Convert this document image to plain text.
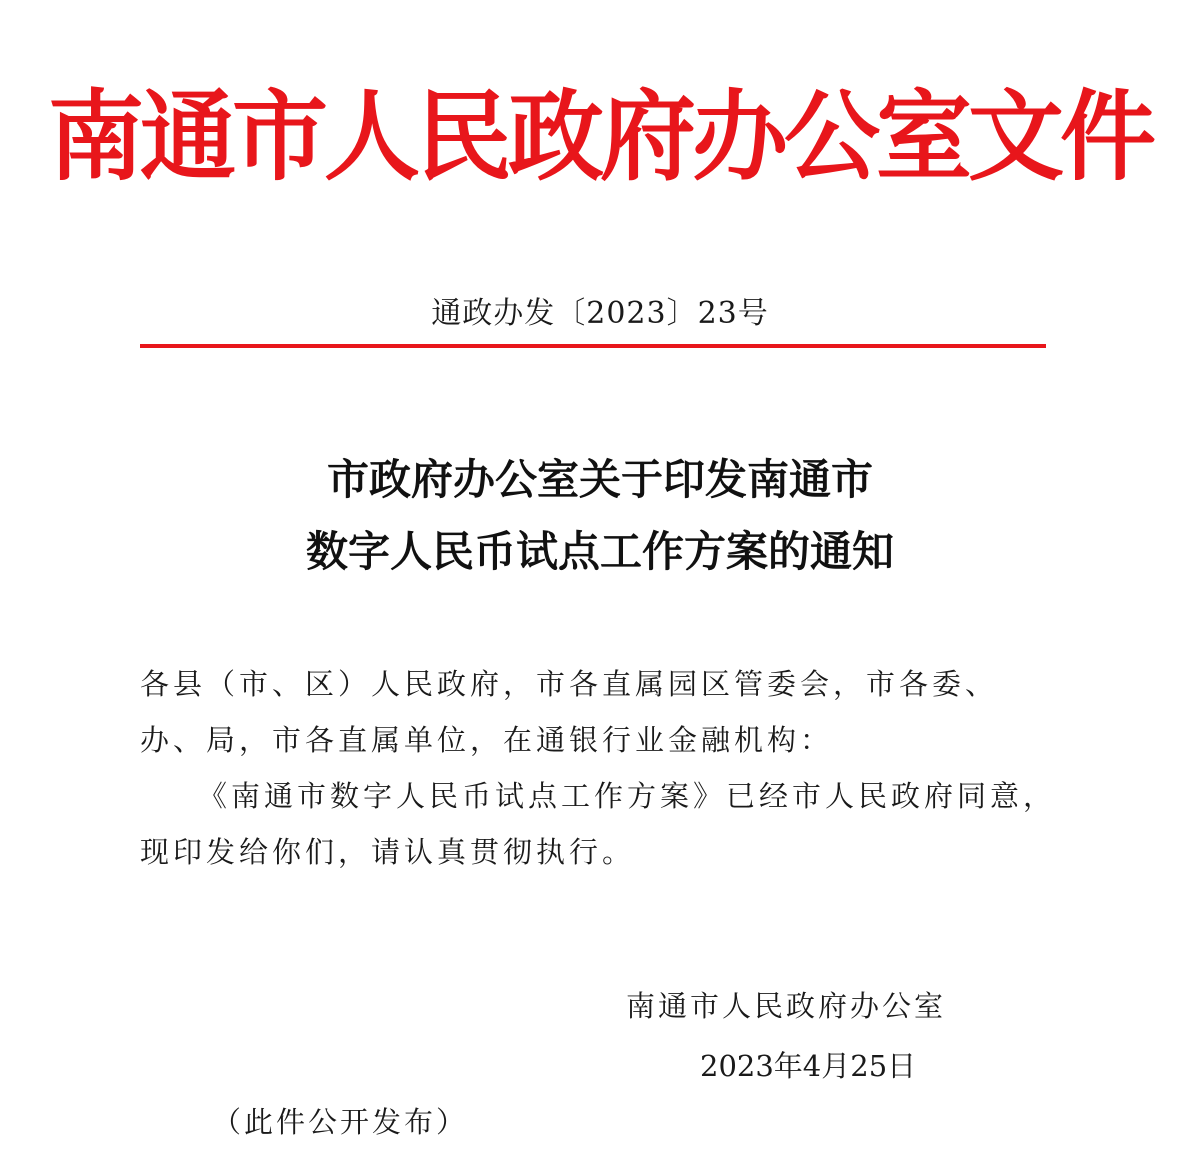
南通市人民政府办公室文件
通政办发〔2023〕23号
市政府办公室关于印发南通市
数字人民币试点工作方案的通知
各县（市、区）人民政府，市各直属园区管委会，市各委、办、局，市各直属单位，在通银行业金融机构：
《南通市数字人民币试点工作方案》已经市人民政府同意，现印发给你们，请认真贯彻执行。
南通市人民政府办公室
2023年4月25日
（此件公开发布）
